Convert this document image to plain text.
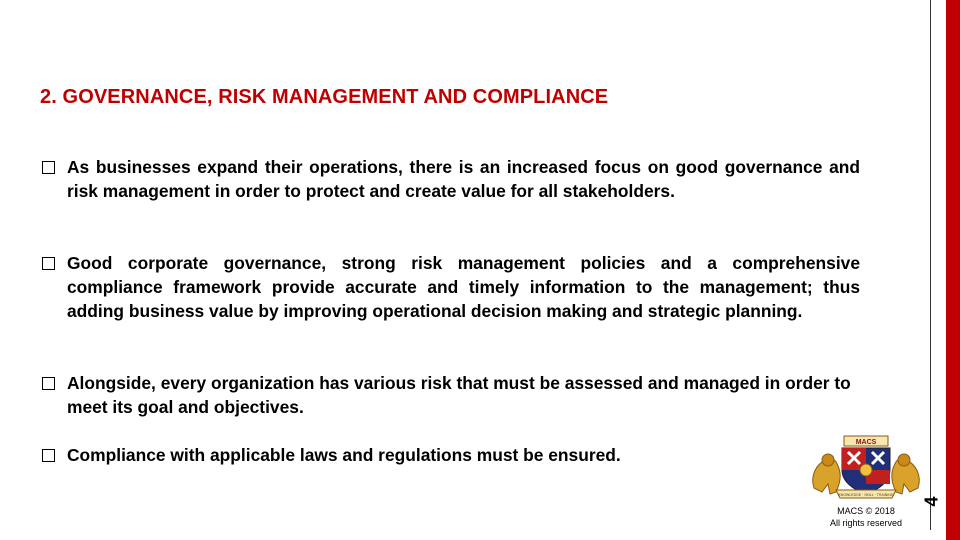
4
2. GOVERNANCE, RISK MANAGEMENT AND COMPLIANCE
As businesses expand their operations, there is an increased focus on good governance and risk management in order to protect and create value for all stakeholders.
Good corporate governance, strong risk management policies and a comprehensive compliance framework provide accurate and timely information to the management; thus adding business value by improving operational decision making and strategic planning.
Alongside, every organization has various risk that must be assessed and managed in order to meet its goal and objectives.
Compliance with applicable laws and regulations must be ensured.
MACS
KNOWLEDGE · SKILL · TRAINING
MACS © 2018
All rights reserved
